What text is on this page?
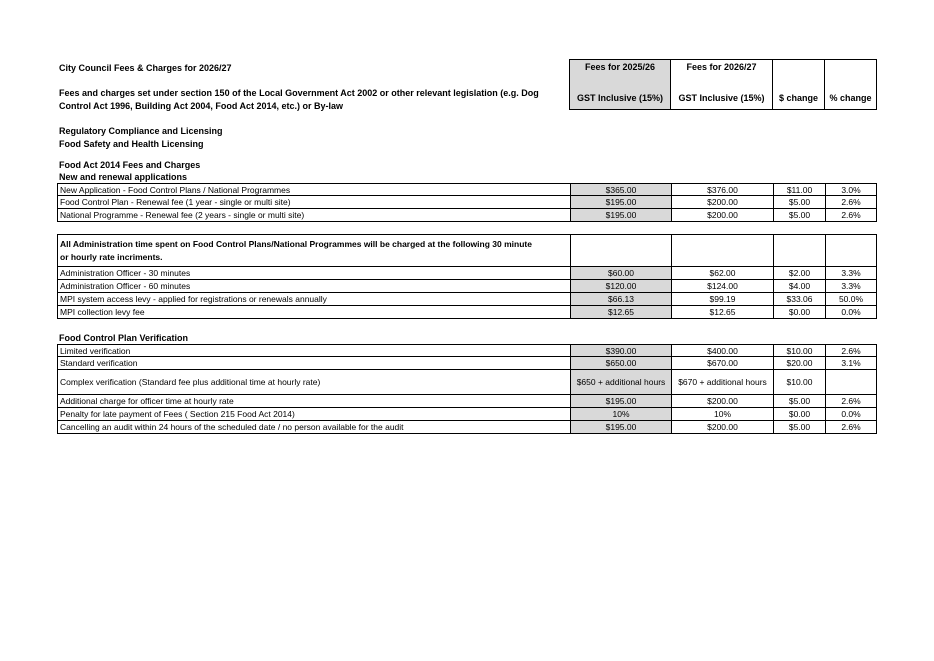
City Council Fees & Charges for 2026/27
Fees and charges set under section 150 of the Local Government Act 2002 or other relevant legislation (e.g. Dog
Control Act 1996, Building Act 2004, Food Act 2014, etc.) or By-law
Fees for 2025/26
GST Inclusive (15%)
Fees for 2026/27
GST Inclusive (15%)	$ change	% change
Regulatory Compliance and Licensing
Food Safety and Health Licensing
Food Act 2014 Fees and Charges
New and renewal applications
New Application - Food Control Plans / National Programmes	$365.00	$376.00	$11.00	3.0%
Food Control Plan - Renewal fee (1 year - single or multi site)	$195.00	$200.00	$5.00	2.6%
National Programme - Renewal fee (2 years - single or multi site)	$195.00	$200.00	$5.00	2.6%
All Administration time spent on Food Control Plans/National Programmes will be charged at the following 30 minute
or hourly rate incriments.
Administration Officer - 30 minutes	$60.00	$62.00	$2.00	3.3%
Administration Officer - 60 minutes	$120.00	$124.00	$4.00	3.3%
MPI system access levy - applied for registrations or renewals annually	$66.13	$99.19	$33.06	50.0%
MPI collection levy fee	$12.65	$12.65	$0.00	0.0%
Food Control Plan Verification
Limited verification	$390.00	$400.00	$10.00	2.6%
Standard verification	$650.00	$670.00	$20.00	3.1%
Complex verification (Standard fee plus additional time at hourly rate)	$650 + additional hours	$670 + additional hours	$10.00
Additional charge for officer time at hourly rate	$195.00	$200.00	$5.00	2.6%
Penalty for late payment of Fees ( Section 215 Food Act 2014)	10%	10%	$0.00	0.0%
Cancelling an audit within 24 hours of the scheduled date / no person available for the audit	$195.00	$200.00	$5.00	2.6%
